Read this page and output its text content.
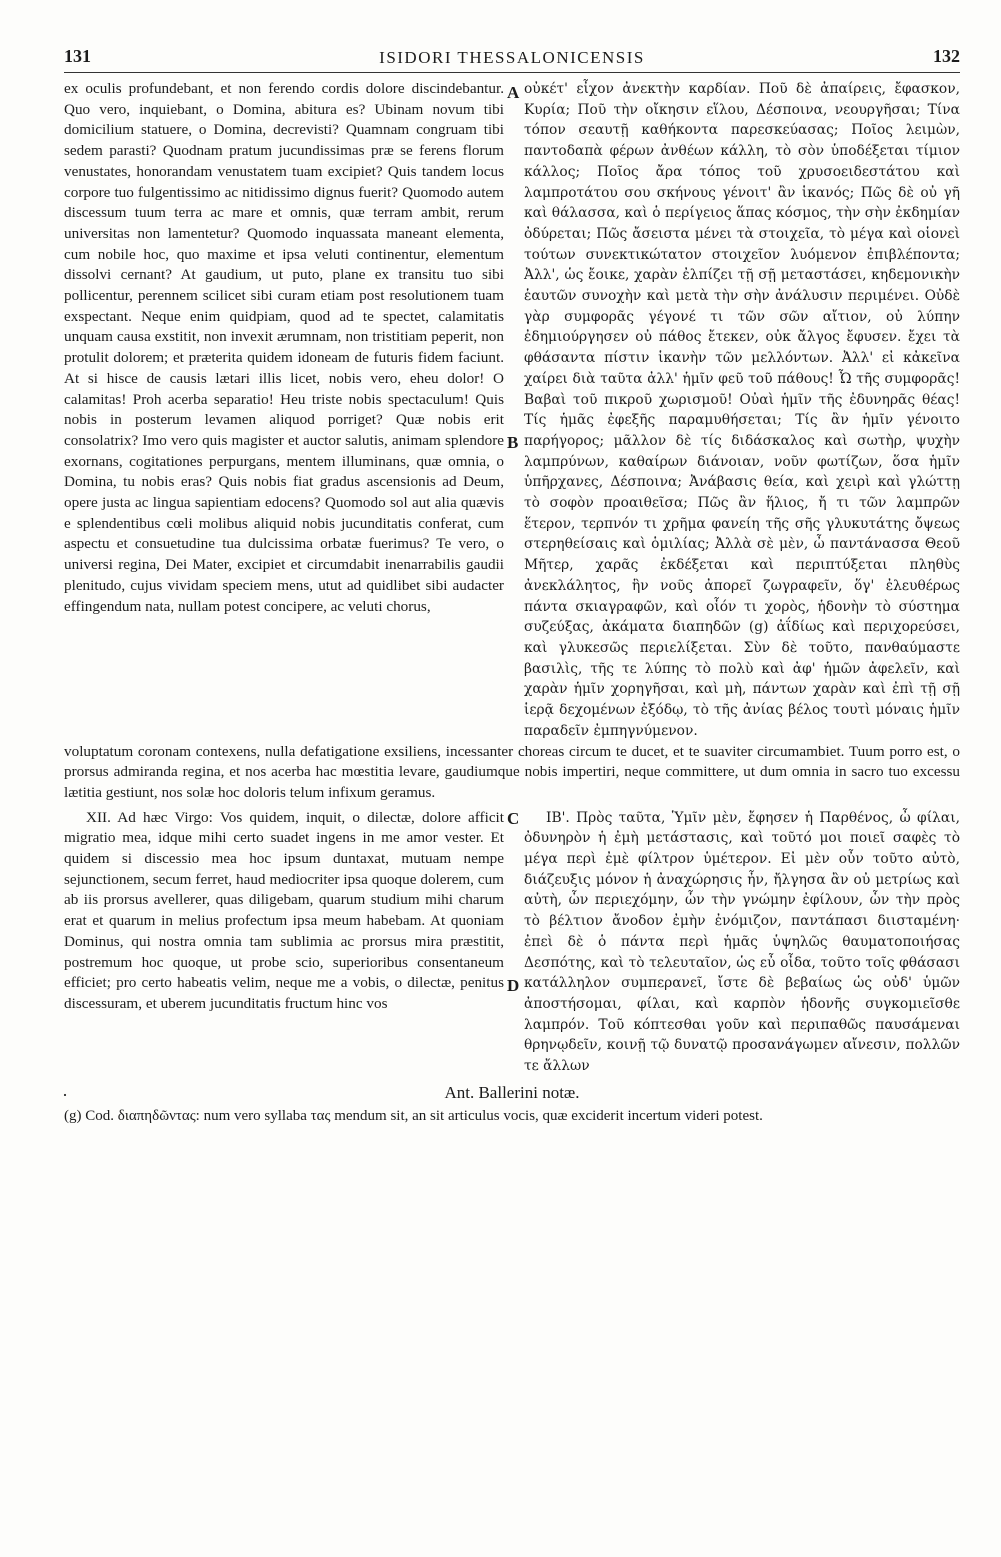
131	ISIDORI THESSALONICENSIS	132

ex oculis profundebant, et non ferendo cordis dolore discindebantur. Quo vero, inquiebant, o Domina, abitura es? Ubinam novum tibi domicilium statuere, o Domina, decrevisti? Quamnam congruam tibi sedem parasti? Quodnam pratum jucundissimas præ se ferens florum venustates, honorandam venustatem tuam excipiet? Quis tandem locus corpore tuo fulgentissimo ac nitidissimo dignus fuerit? Quomodo autem discessum tuum terra ac mare et omnis, quæ terram ambit, rerum universitas non lamentetur? Quomodo inquassata maneant elementa, cum nobile hoc, quo maxime et ipsa veluti continentur, elementum dissolvi cernant? At gaudium, ut puto, plane ex transitu tuo sibi pollicentur, perennem scilicet sibi curam etiam post resolutionem tuam exspectant. Neque enim quidpiam, quod ad te spectet, calamitatis unquam causa exstitit, non invexit ærumnam, non tristitiam peperit, non protulit dolorem; et præterita quidem idoneam de futuris fidem faciunt. At si hisce de causis lætari illis licet, nobis vero, eheu dolor! O calamitas! Proh acerba separatio! Heu triste nobis spectaculum! Quis nobis in posterum levamen aliquod porriget? Quæ nobis erit consolatrix? Imo vero quis magister et auctor salutis, animam splendore exornans, cogitationes perpurgans, mentem illuminans, quæ omnia, o Domina, tu nobis eras? Quis nobis fiat gradus ascensionis ad Deum, opere justa ac lingua sapientiam edocens? Quomodo sol aut alia quævis e splendentibus cœli molibus aliquid nobis jucunditatis conferat, cum aspectu et consuetudine tua dulcissima orbatæ fuerimus? Te vero, o universi regina, Dei Mater, excipiet et circumdabit inenarrabilis gaudii plenitudo, cujus vividam speciem mens, utut ad quidlibet sibi audacter effingendum nata, nullam potest concipere, ac veluti chorus,

A
B
C

οὐκέτ' εἶχον ἀνεκτὴν καρδίαν. Ποῦ δὲ ἀπαίρεις, ἔφασκον, Κυρία; Ποῦ τὴν οἴκησιν εἵλου, Δέσποινα, νεουργῆσαι; Τίνα τόπον σεαυτῇ καθήκοντα παρεσκεύασας; Ποῖος λειμὼν, παντοδαπὰ φέρων ἀνθέων κάλλη, τὸ σὸν ὑποδέξεται τίμιον κάλλος; Ποῖος ἄρα τόπος τοῦ χρυσοειδεστάτου καὶ λαμπροτάτου σου σκήνους γένοιτ' ἂν ἱκανός; Πῶς δὲ οὐ γῆ καὶ θάλασσα, καὶ ὁ περίγειος ἅπας κόσμος, τὴν σὴν ἐκδημίαν ὀδύρεται; Πῶς ἄσειστα μένει τὰ στοιχεῖα, τὸ μέγα καὶ οἱονεὶ τούτων συνεκτικώτατον στοιχεῖον λυόμενον ἐπιβλέποντα; Ἀλλ', ὡς ἔοικε, χαρὰν ἐλπίζει τῇ σῇ μεταστάσει, κηδεμονικὴν ἑαυτῶν συνοχὴν καὶ μετὰ τὴν σὴν ἀνάλυσιν περιμένει. Οὐδὲ γὰρ συμφορᾶς γέγονέ τι τῶν σῶν αἴτιον, οὐ λύπην ἐδημιούργησεν οὐ πάθος ἔτεκεν, οὐκ ἄλγος ἔφυσεν. ἔχει τὰ φθάσαντα πίστιν ἱκανὴν τῶν μελλόντων. Ἀλλ' εἰ κἀκεῖνα χαίρει διὰ ταῦτα ἀλλ' ἡμῖν φεῦ τοῦ πάθους! Ὦ τῆς συμφορᾶς! Βαβαὶ τοῦ πικροῦ χωρισμοῦ! Οὐαὶ ἡμῖν τῆς ἐδυνηρᾶς θέας! Τίς ἡμᾶς ἐφεξῆς παραμυθήσεται; Τίς ἂν ἡμῖν γένοιτο παρήγορος; μᾶλλον δὲ τίς διδάσκαλος καὶ σωτὴρ, ψυχὴν λαμπρύνων, καθαίρων διάνοιαν, νοῦν φωτίζων, ὅσα ἡμῖν ὑπῆρχανες, Δέσποινα; Ἀνάβασις θεία, καὶ χειρὶ καὶ γλώττῃ τὸ σοφὸν προαιθεῖσα; Πῶς ἂν ἥλιος, ἤ τι τῶν λαμπρῶν ἕτερον, τερπνόν τι χρῆμα φανείη τῆς σῆς γλυκυτάτης ὄψεως στερηθείσαις καὶ ὁμιλίας; Ἀλλὰ σὲ μὲν, ὦ παντάνασσα Θεοῦ Μῆτερ, χαρᾶς ἐκδέξεται καὶ περιπτύξεται πληθὺς ἀνεκλάλητος, ἣν νοῦς ἀπορεῖ ζωγραφεῖν, ὅγ' ἐλευθέρως πάντα σκιαγραφῶν, καὶ οἷόν τι χορὸς, ἡδονὴν τὸ σύστημα συζεύξας, ἀκάματα διαπηδῶν (g) ἀΐδίως καὶ περιχορεύσει, καὶ γλυκεσῶς περιελίξεται. Σὺν δὲ τοῦτο, πανθαύμαστε βασιλὶς, τῆς τε λύπης τὸ πολὺ καὶ ἀφ' ἡμῶν ἀφελεῖν, καὶ χαρὰν ἡμῖν χορηγῆσαι, καὶ μὴ, πάντων χαρὰν καὶ ἐπὶ τῇ σῇ ἱερᾷ δεχομένων ἐξόδῳ, τὸ τῆς ἀνίας βέλος τουτὶ μόναις ἡμῖν παραδεῖν ἐμπηγνύμενον.

voluptatum coronam contexens, nulla defatigatione exsiliens, incessanter choreas circum te ducet, et te suaviter circumambiet. Tuum porro est, o prorsus admiranda regina, et nos acerba hac mœstitia levare, gaudiumque nobis impertiri, neque committere, ut dum omnia in sacro tuo excessu lætitia gestiunt, nos solæ hoc doloris telum infixum geramus.

XII. Ad hæc Virgo: Vos quidem, inquit, o dilectæ, dolore afficit migratio mea, idque mihi certo suadet ingens in me amor vester. Et quidem si discessio mea hoc ipsum duntaxat, mutuam nempe sejunctionem, secum ferret, haud mediocriter ipsa quoque dolerem, cum ab iis prorsus avellerer, quas diligebam, quarum studium mihi charum erat et quarum in melius profectum ipsa meum habebam. At quoniam Dominus, qui nostra omnia tam sublimia ac prorsus mira præstitit, postremum hoc quoque, ut probe scio, superioribus consentaneum efficiet; pro certo habeatis velim, neque me a vobis, o dilectæ, penitus discessuram, et uberem jucunditatis fructum hinc vos

D

ΙΒ'. Πρὸς ταῦτα, Ὑμῖν μὲν, ἔφησεν ἡ Παρθένος, ὦ φίλαι, ὀδυνηρὸν ἡ ἐμὴ μετάστασις, καὶ τοῦτό μοι ποιεῖ σαφὲς τὸ μέγα περὶ ἐμὲ φίλτρον ὑμέτερον. Εἰ μὲν οὖν τοῦτο αὐτὸ, διάζευξις μόνον ἡ ἀναχώρησις ἦν, ἤλγησα ἂν οὐ μετρίως καὶ αὐτὴ, ὧν περιεχόμην, ὧν τὴν γνώμην ἐφίλουν, ὧν τὴν πρὸς τὸ βέλτιον ἄνοδον ἐμὴν ἐνόμιζον, παντάπασι διισταμένη· ἐπεὶ δὲ ὁ πάντα περὶ ἡμᾶς ὑψηλῶς θαυματοποιήσας Δεσπότης, καὶ τὸ τελευταῖον, ὡς εὖ οἶδα, τοῦτο τοῖς φθάσασι κατάλληλον συμπερανεῖ, ἴστε δὲ βεβαίως ὡς οὐδ' ὑμῶν ἀποστήσομαι, φίλαι, καὶ καρπὸν ἡδονῆς συγκομιεῖσθε λαμπρόν. Τοῦ κόπτεσθαι γοῦν καὶ περιπαθῶς παυσάμεναι θρηνῳδεῖν, κοινῇ τῷ δυνατῷ προσανάγωμεν αἴνεσιν, πολλῶν τε ἄλλων

·	Ant. Ballerini notæ.

(g) Cod. διαπηδῶντας: num vero syllaba τας mendum sit, an sit articulus vocis, quæ exciderit incertum videri potest.
